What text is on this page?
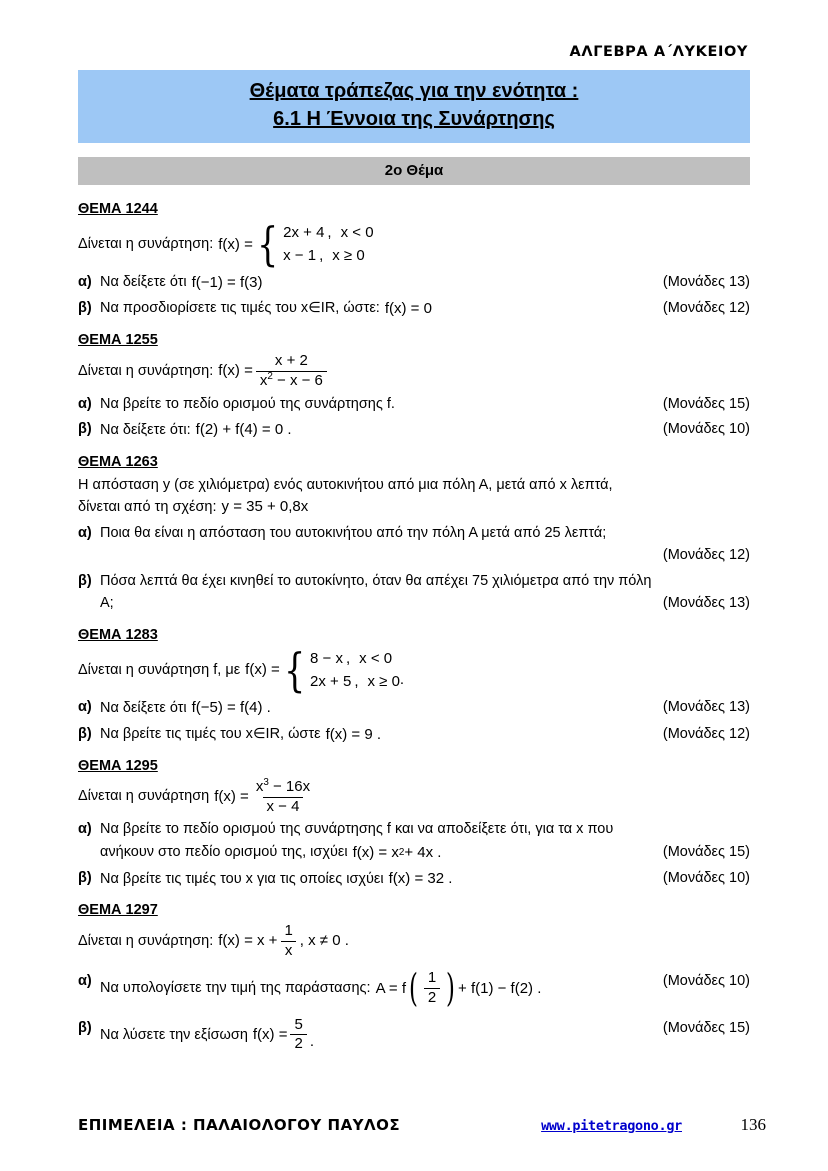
ΑΛΓΕΒΡΑ Α΄ΛΥΚΕΙΟΥ
Θέματα τράπεζας για την ενότητα :
6.1 Η Έννοια της Συνάρτησης
2ο Θέμα
ΘΕΜΑ 1244
Δίνεται η συνάρτηση: f(x) = { 2x + 4 , x < 0
x − 1 , x ≥ 0
α) Να δείξετε ότι f(−1) = f(3)	(Μονάδες 13)
β) Να προσδιορίσετε τις τιμές του x∈IR, ώστε: f(x) = 0	(Μονάδες 12)
ΘΕΜΑ 1255
Δίνεται η συνάρτηση: $f(x) = \frac{x + 2}{x^2 - x - 6}$
α) Να βρείτε το πεδίο ορισμού της συνάρτησης f.	(Μονάδες 15)
β) Να δείξετε ότι: f(2) + f(4) = 0 .	(Μονάδες 10)
ΘΕΜΑ 1263
Η απόσταση y (σε χιλιόμετρα) ενός αυτοκινήτου από μια πόλη Α, μετά από x λεπτά,
δίνεται από τη σχέση: y = 35 + 0,8x
α) Ποια θα είναι η απόσταση του αυτοκινήτου από την πόλη Α μετά από 25 λεπτά;
(Μονάδες 12)
β) Πόσα λεπτά θα έχει κινηθεί το αυτοκίνητο, όταν θα απέχει 75 χιλιόμετρα από την πόλη
Α;	(Μονάδες 13)
ΘΕΜΑ 1283
Δίνεται η συνάρτηση f, με f(x) = { 8 − x , x < 0
2x + 5 , x ≥ 0 .
α) Να δείξετε ότι f(−5) = f(4) .	(Μονάδες 13)
β) Να βρείτε τις τιμές του x∈IR, ώστε f(x) = 9 .	(Μονάδες 12)
ΘΕΜΑ 1295
Δίνεται η συνάρτηση $f(x) = \frac{x^3 - 16x}{x - 4}$
α) Να βρείτε το πεδίο ορισμού της συνάρτησης f και να αποδείξετε ότι, για τα x που
ανήκουν στο πεδίο ορισμού της, ισχύει f(x) = x 2 + 4x .	(Μονάδες 15)
β) Να βρείτε τις τιμές του x για τις οποίες ισχύει f(x) = 32 .	(Μονάδες 10)
ΘΕΜΑ 1297
Δίνεται η συνάρτηση: $f(x) = x + \frac{1}{x}$ , x ≠ 0 .
α) Να υπολογίσετε την τιμή της παράστασης: A = f ( $\frac{1}{2}$ ) + f(1) − f(2) .	(Μονάδες 10)
β) Να λύσετε την εξίσωση $f(x) = \frac{5}{2}$ .
(Μονάδες 15)
ΕΠΙΜΕΛΕΙΑ : ΠΑΛΑΙΟΛΟΓΟΥ ΠΑΥΛΟΣ	www.pitetragono.gr	136
